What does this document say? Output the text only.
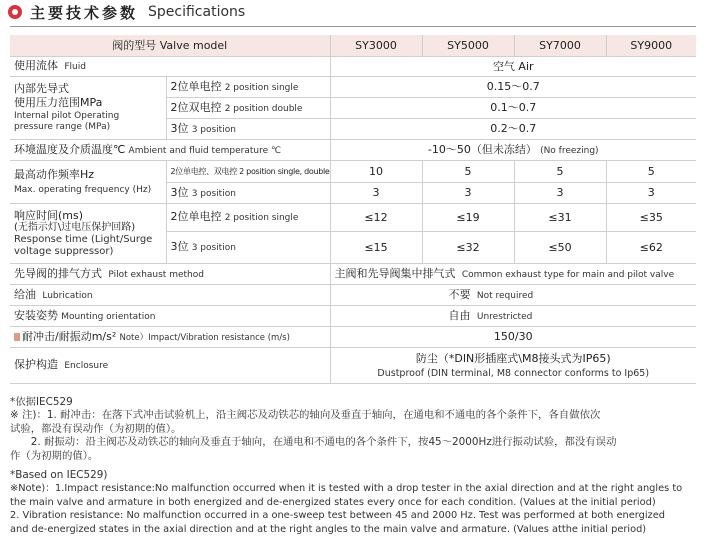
主要技术参数 Specifications
阀的型号 Valve model		SY3000	SY5000	SY7000	SY9000
使用流体 Fluid		空气 Air			

内部先导式
使用压力范围MPa
Internal pilot Operating
pressure range (MPa)	2位单电控 2 position single	0.15～0.7			
	2位双电控 2 position double	0.1～0.7			
	3位 3 position	0.2～0.7			
环境温度及介质温度℃ Ambient and fluid temperature ℃		-10～50（但未冻结） (No freezing)			

最高动作频率Hz
Max. operating frequency (Hz)	2位单电控、双电控 2 position single, double	10	5	5	5
	3位 3 position	3	3	3	3

响应时间(ms)
(无指示灯\过电压保护回路)
Response time (Light/Surge
voltage suppressor)	2位单电控 2 position single	≤12	≤19	≤31	≤35
	3位 3 position	≤15	≤32	≤50	≤62
先导阀的排气方式 Pilot exhaust method		主阀和先导阀集中排气式 Common exhaust type for main and pilot valve			
给油 Lubrication		不要 Not required			
安装姿势 Mounting orientation		自由 Unrestricted			
耐冲击/耐振动m/s² Note）Impact/Vibration resistance (m/s)		150/30			
保护构造 Enclosure		防尘（*DIN形插座式\M8接头式为IP65)
Dustproof (DIN terminal, M8 connector conforms to Ip65)			

*依据IEC529

※ 注)：1. 耐冲击：在落下式冲击试验机上，沿主阀芯及动铁芯的轴向及垂直于轴向，在通电和不通电的各个条件下，各自做依次

试验，都没有误动作（为初期的值）。

　　2. 耐振动：沿主阀芯及动铁芯的轴向及垂直于轴向，在通电和不通电的各个条件下，按45～2000Hz进行振动试验，都没有误动

作（为初期的值）。

*Based on IEC529)

※Note)：1.Impact resistance:No malfunction occurred when it is tested with a drop tester in the axial direction and at the right angles to

the main valve and armature in both energized and de-energized states every once for each condition. (Values at the initial period)

2. Vibration resistance: No malfunction occurred in a one-sweep test between 45 and 2000 Hz. Test was performed at both energized

and de-energized states in the axial direction and at the right angles to the main valve and armature. (Values atthe initial period)
